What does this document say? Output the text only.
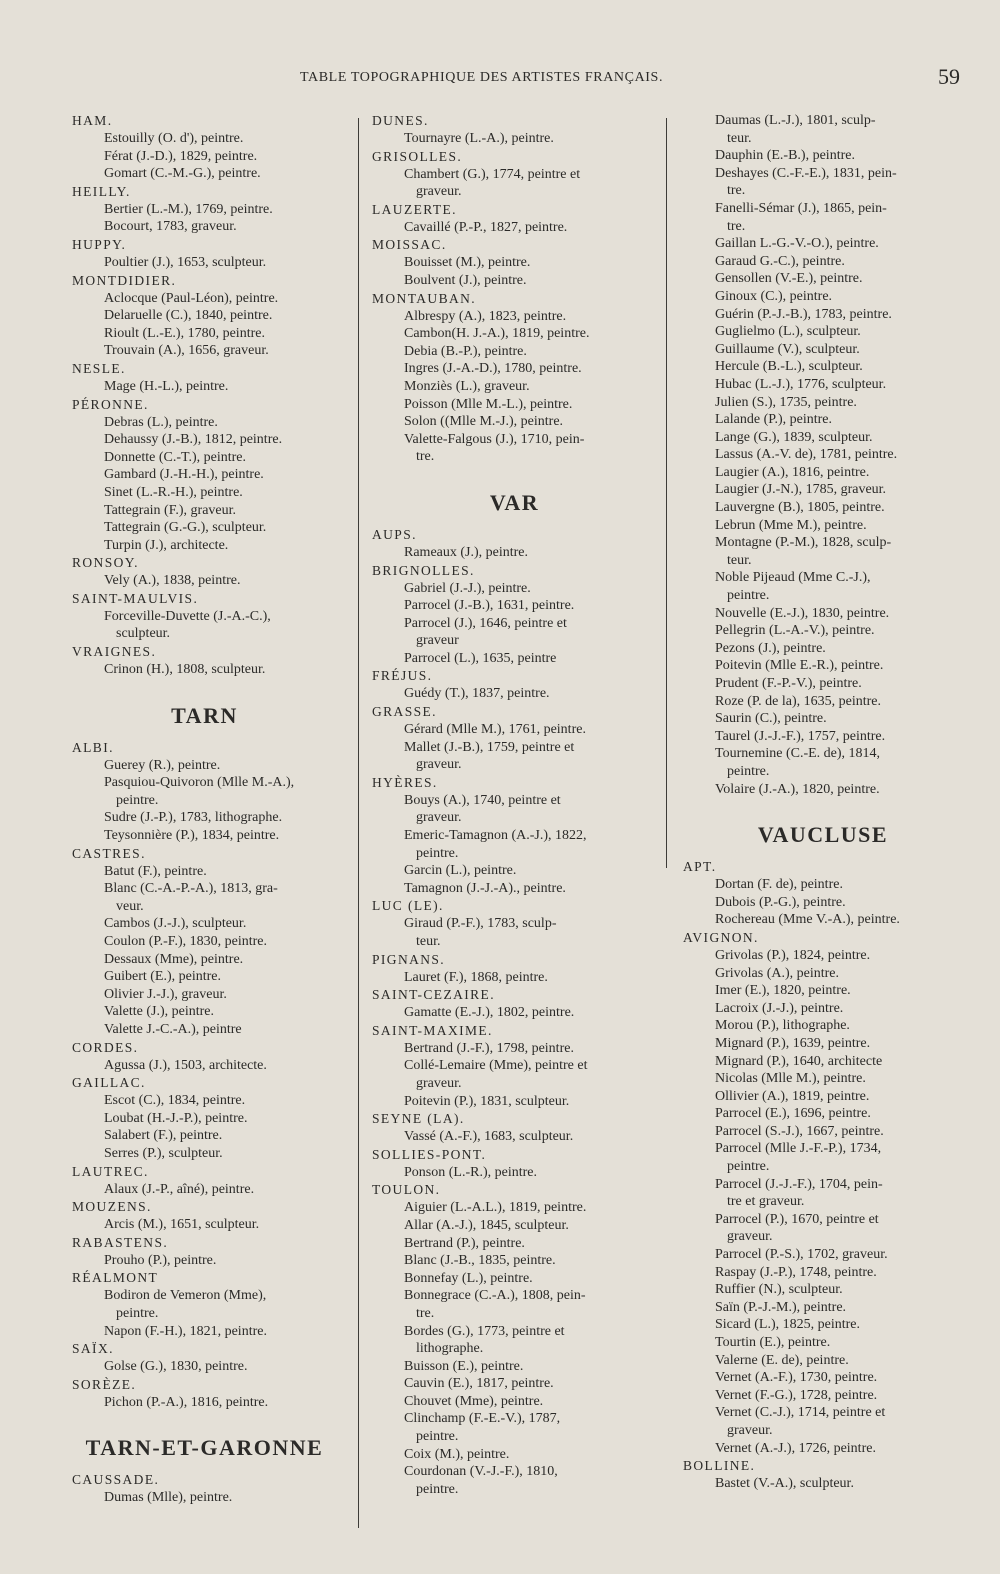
TABLE TOPOGRAPHIQUE DES ARTISTES FRANÇAIS.	59
HAM.
Estouilly (O. d'), peintre.
Férat (J.-D.), 1829, peintre.
Gomart (C.-M.-G.), peintre.
HEILLY.
Bertier (L.-M.), 1769, peintre.
Bocourt, 1783, graveur.
HUPPY.
Poultier (J.), 1653, sculpteur.
MONTDIDIER.
Aclocque (Paul-Léon), peintre.
Delaruelle (C.), 1840, peintre.
Rioult (L.-E.), 1780, peintre.
Trouvain (A.), 1656, graveur.
NESLE.
Mage (H.-L.), peintre.
PÉRONNE.
Debras (L.), peintre.
Dehaussy (J.-B.), 1812, peintre.
Donnette (C.-T.), peintre.
Gambard (J.-H.-H.), peintre.
Sinet (L.-R.-H.), peintre.
Tattegrain (F.), graveur.
Tattegrain (G.-G.), sculpteur.
Turpin (J.), architecte.
RONSOY.
Vely (A.), 1838, peintre.
SAINT-MAULVIS.
Forceville-Duvette (J.-A.-C.),
sculpteur.
VRAIGNES.
Crinon (H.), 1808, sculpteur.
TARN
ALBI.
Guerey (R.), peintre.
Pasquiou-Quivoron (Mlle M.-A.),
peintre.
Sudre (J.-P.), 1783, lithographe.
Teysonnière (P.), 1834, peintre.
CASTRES.
Batut (F.), peintre.
Blanc (C.-A.-P.-A.), 1813, gra-
veur.
Cambos (J.-J.), sculpteur.
Coulon (P.-F.), 1830, peintre.
Dessaux (Mme), peintre.
Guibert (E.), peintre.
Olivier J.-J.), graveur.
Valette (J.), peintre.
Valette J.-C.-A.), peintre
CORDES.
Agussa (J.), 1503, architecte.
GAILLAC.
Escot (C.), 1834, peintre.
Loubat (H.-J.-P.), peintre.
Salabert (F.), peintre.
Serres (P.), sculpteur.
LAUTREC.
Alaux (J.-P., aîné), peintre.
MOUZENS.
Arcis (M.), 1651, sculpteur.
RABASTENS.
Prouho (P.), peintre.
RÉALMONT
Bodiron de Vemeron (Mme),
peintre.
Napon (F.-H.), 1821, peintre.
SAÏX.
Golse (G.), 1830, peintre.
SORÈZE.
Pichon (P.-A.), 1816, peintre.
TARN-ET-GARONNE
CAUSSADE.
Dumas (Mlle), peintre.
DUNES.
Tournayre (L.-A.), peintre.
GRISOLLES.
Chambert (G.), 1774, peintre et
graveur.
LAUZERTE.
Cavaillé (P.-P., 1827, peintre.
MOISSAC.
Bouisset (M.), peintre.
Boulvent (J.), peintre.
MONTAUBAN.
Albrespy (A.), 1823, peintre.
Cambon(H. J.-A.), 1819, peintre.
Debia (B.-P.), peintre.
Ingres (J.-A.-D.), 1780, peintre.
Monziès (L.), graveur.
Poisson (Mlle M.-L.), peintre.
Solon ((Mlle M.-J.), peintre.
Valette-Falgous (J.), 1710, pein-
tre.
VAR
AUPS.
Rameaux (J.), peintre.
BRIGNOLLES.
Gabriel (J.-J.), peintre.
Parrocel (J.-B.), 1631, peintre.
Parrocel (J.), 1646, peintre et
graveur
Parrocel (L.), 1635, peintre
FRÉJUS.
Guédy (T.), 1837, peintre.
GRASSE.
Gérard (Mlle M.), 1761, peintre.
Mallet (J.-B.), 1759, peintre et
graveur.
HYÈRES.
Bouys (A.), 1740, peintre et
graveur.
Emeric-Tamagnon (A.-J.), 1822,
peintre.
Garcin (L.), peintre.
Tamagnon (J.-J.-A)., peintre.
LUC (LE).
Giraud (P.-F.), 1783, sculp-
teur.
PIGNANS.
Lauret (F.), 1868, peintre.
SAINT-CEZAIRE.
Gamatte (E.-J.), 1802, peintre.
SAINT-MAXIME.
Bertrand (J.-F.), 1798, peintre.
Collé-Lemaire (Mme), peintre et
graveur.
Poitevin (P.), 1831, sculpteur.
SEYNE (LA).
Vassé (A.-F.), 1683, sculpteur.
SOLLIES-PONT.
Ponson (L.-R.), peintre.
TOULON.
Aiguier (L.-A.L.), 1819, peintre.
Allar (A.-J.), 1845, sculpteur.
Bertrand (P.), peintre.
Blanc (J.-B., 1835, peintre.
Bonnefay (L.), peintre.
Bonnegrace (C.-A.), 1808, pein-
tre.
Bordes (G.), 1773, peintre et
lithographe.
Buisson (E.), peintre.
Cauvin (E.), 1817, peintre.
Chouvet (Mme), peintre.
Clinchamp (F.-E.-V.), 1787,
peintre.
Coix (M.), peintre.
Courdonan (V.-J.-F.), 1810,
peintre.
Daumas (L.-J.), 1801, sculp-
teur.
Dauphin (E.-B.), peintre.
Deshayes (C.-F.-E.), 1831, pein-
tre.
Fanelli-Sémar (J.), 1865, pein-
tre.
Gaillan L.-G.-V.-O.), peintre.
Garaud G.-C.), peintre.
Gensollen (V.-E.), peintre.
Ginoux (C.), peintre.
Guérin (P.-J.-B.), 1783, peintre.
Guglielmo (L.), sculpteur.
Guillaume (V.), sculpteur.
Hercule (B.-L.), sculpteur.
Hubac (L.-J.), 1776, sculpteur.
Julien (S.), 1735, peintre.
Lalande (P.), peintre.
Lange (G.), 1839, sculpteur.
Lassus (A.-V. de), 1781, peintre.
Laugier (A.), 1816, peintre.
Laugier (J.-N.), 1785, graveur.
Lauvergne (B.), 1805, peintre.
Lebrun (Mme M.), peintre.
Montagne (P.-M.), 1828, sculp-
teur.
Noble Pijeaud (Mme C.-J.),
peintre.
Nouvelle (E.-J.), 1830, peintre.
Pellegrin (L.-A.-V.), peintre.
Pezons (J.), peintre.
Poitevin (Mlle E.-R.), peintre.
Prudent (F.-P.-V.), peintre.
Roze (P. de la), 1635, peintre.
Saurin (C.), peintre.
Taurel (J.-J.-F.), 1757, peintre.
Tournemine (C.-E. de), 1814,
peintre.
Volaire (J.-A.), 1820, peintre.
VAUCLUSE
APT.
Dortan (F. de), peintre.
Dubois (P.-G.), peintre.
Rochereau (Mme V.-A.), peintre.
AVIGNON.
Grivolas (P.), 1824, peintre.
Grivolas (A.), peintre.
Imer (E.), 1820, peintre.
Lacroix (J.-J.), peintre.
Morou (P.), lithographe.
Mignard (P.), 1639, peintre.
Mignard (P.), 1640, architecte
Nicolas (Mlle M.), peintre.
Ollivier (A.), 1819, peintre.
Parrocel (E.), 1696, peintre.
Parrocel (S.-J.), 1667, peintre.
Parrocel (Mlle J.-F.-P.), 1734,
peintre.
Parrocel (J.-J.-F.), 1704, pein-
tre et graveur.
Parrocel (P.), 1670, peintre et
graveur.
Parrocel (P.-S.), 1702, graveur.
Raspay (J.-P.), 1748, peintre.
Ruffier (N.), sculpteur.
Saïn (P.-J.-M.), peintre.
Sicard (L.), 1825, peintre.
Tourtin (E.), peintre.
Valerne (E. de), peintre.
Vernet (A.-F.), 1730, peintre.
Vernet (F.-G.), 1728, peintre.
Vernet (C.-J.), 1714, peintre et
graveur.
Vernet (A.-J.), 1726, peintre.
BOLLINE.
Bastet (V.-A.), sculpteur.
